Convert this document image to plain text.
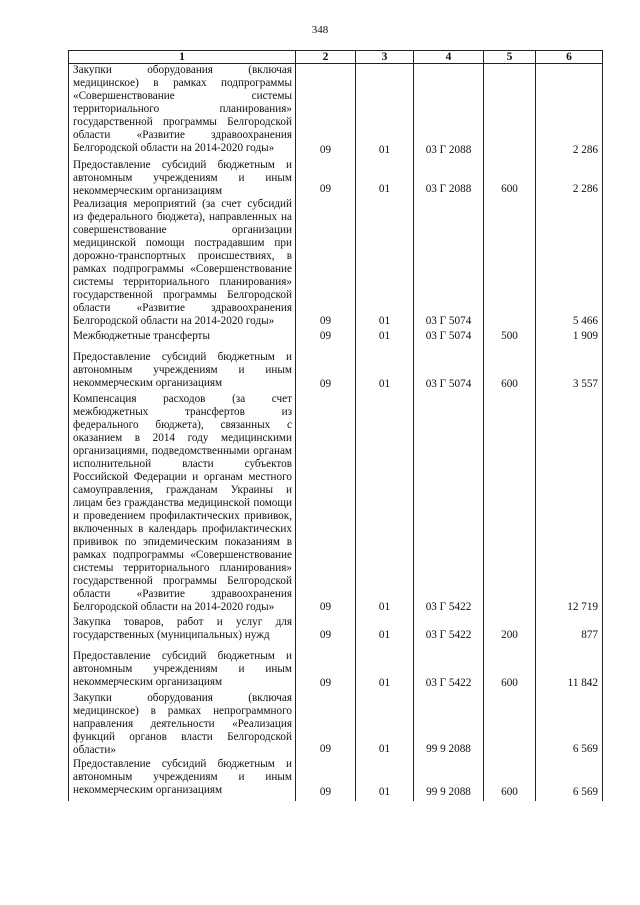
348
1	2	3	4	5	6
Закупки оборудования (включая медицинское) в рамках подпрограммы «Совершенствование системы территориального планирования» государственной программы Белгородской области «Развитие здравоохранения Белгородской области на 2014-2020 годы»	09	01	03 Г 2088		2 286
Предоставление субсидий бюджетным и автономным учреждениям и иным некоммерческим организациям	09	01	03 Г 2088	600	2 286
Реализация мероприятий (за счет субсидий из федерального бюджета), направленных на совершенствование организации медицинской помощи пострадавшим при дорожно-транспортных происшествиях, в рамках подпрограммы «Совершенствование системы территориального планирования» государственной программы Белгородской области «Развитие здравоохранения Белгородской области на 2014-2020 годы»	09	01	03 Г 5074		5 466
Межбюджетные трансферты	09	01	03 Г 5074	500	1 909
Предоставление субсидий бюджетным и автономным учреждениям и иным некоммерческим организациям	09	01	03 Г 5074	600	3 557
Компенсация расходов (за счет межбюджетных трансфертов из федерального бюджета), связанных с оказанием в 2014 году медицинскими организациями, подведомственными органам исполнительной власти субъектов Российской Федерации и органам местного самоуправления, гражданам Украины и лицам без гражданства медицинской помощи и проведением профилактических прививок, включенных в календарь профилактических прививок по эпидемическим показаниям в рамках подпрограммы «Совершенствование системы территориального планирования» государственной программы Белгородской области «Развитие здравоохранения Белгородской области на 2014-2020 годы»	09	01	03 Г 5422		12 719
Закупка товаров, работ и услуг для государственных (муниципальных) нужд	09	01	03 Г 5422	200	877
Предоставление субсидий бюджетным и автономным учреждениям и иным некоммерческим организациям	09	01	03 Г 5422	600	11 842
Закупки оборудования (включая медицинское) в рамках непрограммного направления деятельности «Реализация функций органов власти Белгородской области»	09	01	99 9 2088		6 569
Предоставление субсидий бюджетным и автономным учреждениям и иным некоммерческим организациям	09	01	99 9 2088	600	6 569
